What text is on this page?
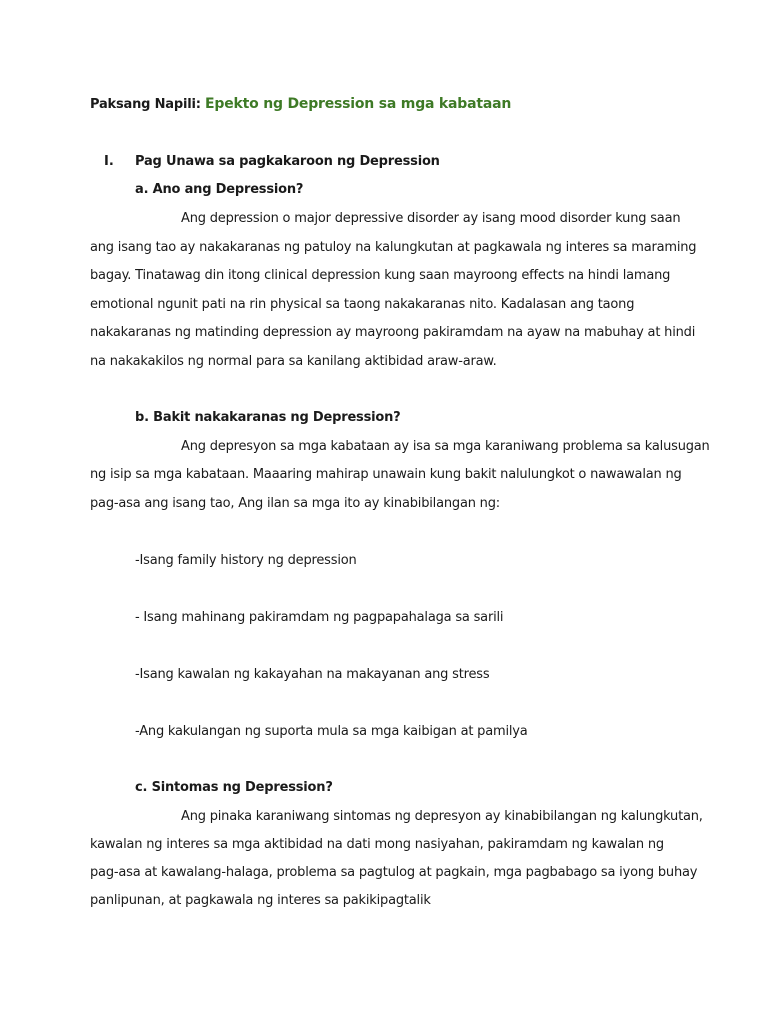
Paksang Napili: Epekto ng Depression sa mga kabataan
I. Pag Unawa sa pagkakaroon ng Depression
a. Ano ang Depression?
Ang depression o major depressive disorder ay isang mood disorder kung saan
ang isang tao ay nakakaranas ng patuloy na kalungkutan at pagkawala ng interes sa maraming
bagay. Tinatawag din itong clinical depression kung saan mayroong effects na hindi lamang
emotional ngunit pati na rin physical sa taong nakakaranas nito. Kadalasan ang taong
nakakaranas ng matinding depression ay mayroong pakiramdam na ayaw na mabuhay at hindi
na nakakakilos ng normal para sa kanilang aktibidad araw-araw.
b. Bakit nakakaranas ng Depression?
Ang depresyon sa mga kabataan ay isa sa mga karaniwang problema sa kalusugan
ng isip sa mga kabataan. Maaaring mahirap unawain kung bakit nalulungkot o nawawalan ng
pag-asa ang isang tao, Ang ilan sa mga ito ay kinabibilangan ng:
-Isang family history ng depression
- Isang mahinang pakiramdam ng pagpapahalaga sa sarili
-Isang kawalan ng kakayahan na makayanan ang stress
-Ang kakulangan ng suporta mula sa mga kaibigan at pamilya
c. Sintomas ng Depression?
Ang pinaka karaniwang sintomas ng depresyon ay kinabibilangan ng kalungkutan,
kawalan ng interes sa mga aktibidad na dati mong nasiyahan, pakiramdam ng kawalan ng
pag-asa at kawalang-halaga, problema sa pagtulog at pagkain, mga pagbabago sa iyong buhay
panlipunan, at pagkawala ng interes sa pakikipagtalik
